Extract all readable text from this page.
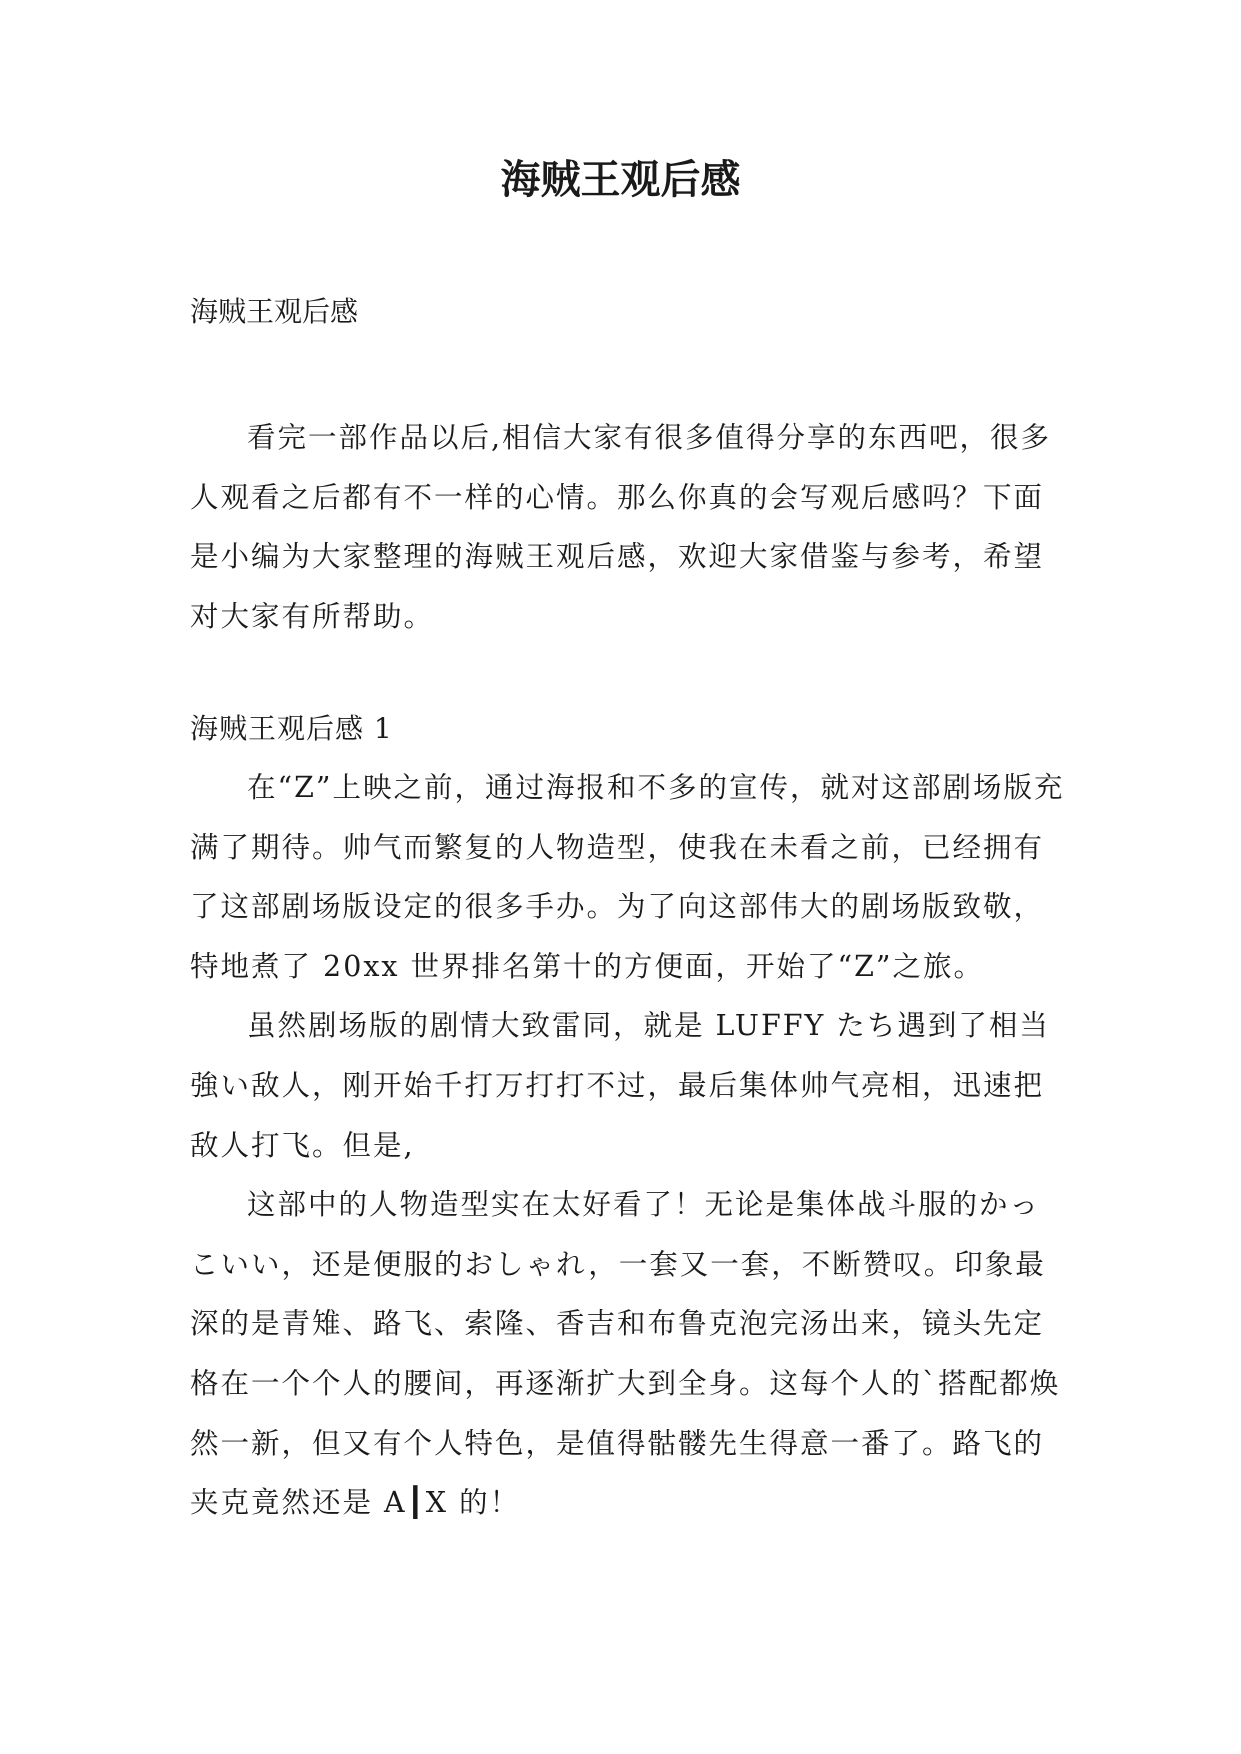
海贼王观后感

海贼王观后感

看完一部作品以后,相信大家有很多值得分享的东西吧，很多人观看之后都有不一样的心情。那么你真的会写观后感吗？下面是小编为大家整理的海贼王观后感，欢迎大家借鉴与参考，希望对大家有所帮助。

海贼王观后感 1

在“Z”上映之前，通过海报和不多的宣传，就对这部剧场版充满了期待。帅气而繁复的人物造型，使我在未看之前，已经拥有了这部剧场版设定的很多手办。为了向这部伟大的剧场版致敬，特地煮了 20xx 世界排名第十的方便面，开始了“Z”之旅。

虽然剧场版的剧情大致雷同，就是 LUFFY たち遇到了相当強い敌人，刚开始千打万打打不过，最后集体帅气亮相，迅速把敌人打飞。但是,

这部中的人物造型实在太好看了！无论是集体战斗服的かっこいい，还是便服的おしゃれ，一套又一套，不断赞叹。印象最深的是青雉、路飞、索隆、香吉和布鲁克泡完汤出来，镜头先定格在一个个人的腰间，再逐渐扩大到全身。这每个人的`搭配都焕然一新，但又有个人特色，是值得骷髅先生得意一番了。路飞的夹克竟然还是 A┃X 的！
